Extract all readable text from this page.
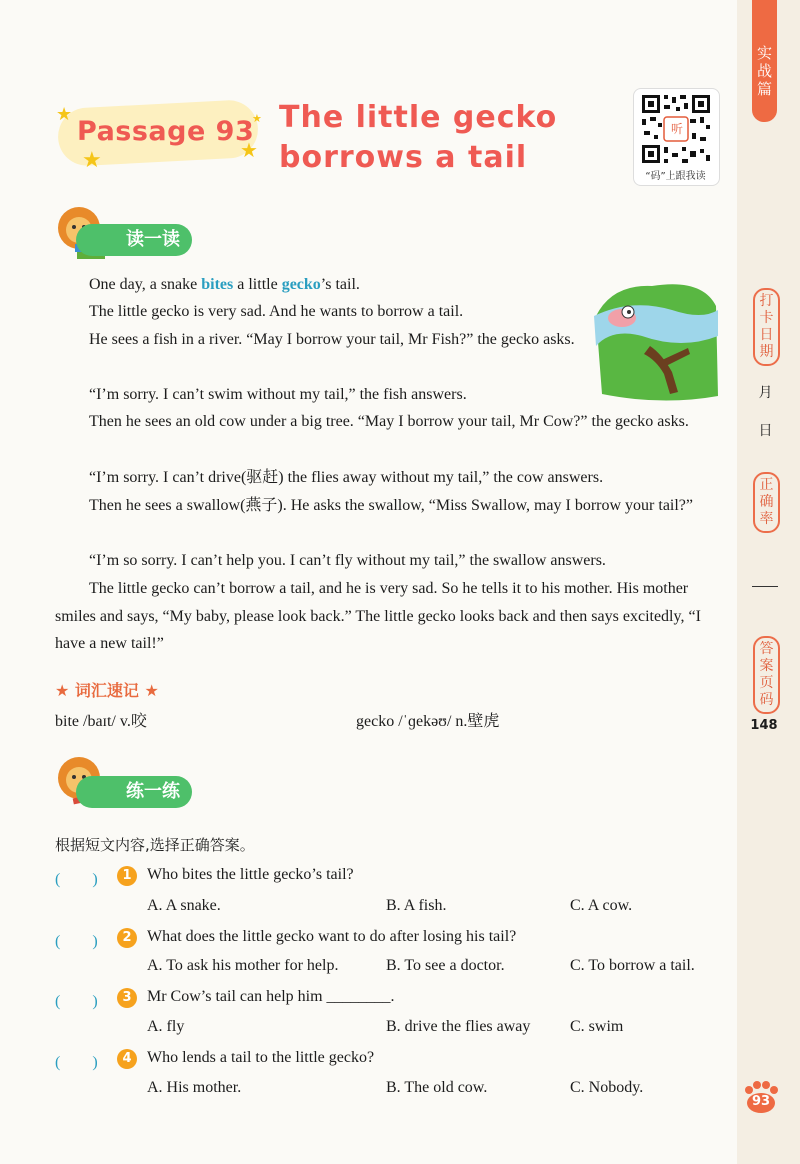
实战篇
打卡日期
月
日
正确率
答案页码
148
★
★	★
★
Passage 93 The little gecko
borrows a tail
听
“码”上跟我读
读一读
One day, a snake bites a little gecko’s tail.
The little gecko is very sad. And he wants to borrow a tail.
He sees a fish in a river. “May I borrow your tail, Mr Fish?” the gecko asks.
“I’m sorry. I can’t swim without my tail,” the fish answers.
Then he sees an old cow under a big tree. “May I borrow your tail, Mr Cow?” the gecko asks.
“I’m sorry. I can’t drive(驱赶) the flies away without my tail,” the cow answers.
Then he sees a swallow(燕子). He asks the swallow, “Miss Swallow, may I borrow your tail?”
“I’m so sorry. I can’t help you. I can’t fly without my tail,” the swallow answers.
The little gecko can’t borrow a tail, and he is very sad. So he tells it to his mother. His mother smiles and says, “My baby, please look back.” The little gecko looks back and then says excitedly, “I have a new tail!”
★ 词汇速记 ★
bite /baɪt/ v.咬	gecko /ˈɡekəʊ/ n.壁虎
练一练
根据短文内容,选择正确答案。
(　　)	1 Who bites the little gecko’s tail?
A. A snake.	B. A fish.	C. A cow.
(　　)	2 What does the little gecko want to do after losing his tail?
A. To ask his mother for help.	B. To see a doctor.	C. To borrow a tail.
(　　)	3 Mr Cow’s tail can help him ________.
A. fly	B. drive the flies away C. swim
(　　)	4 Who lends a tail to the little gecko?
A. His mother.	B. The old cow.	C. Nobody.
93
